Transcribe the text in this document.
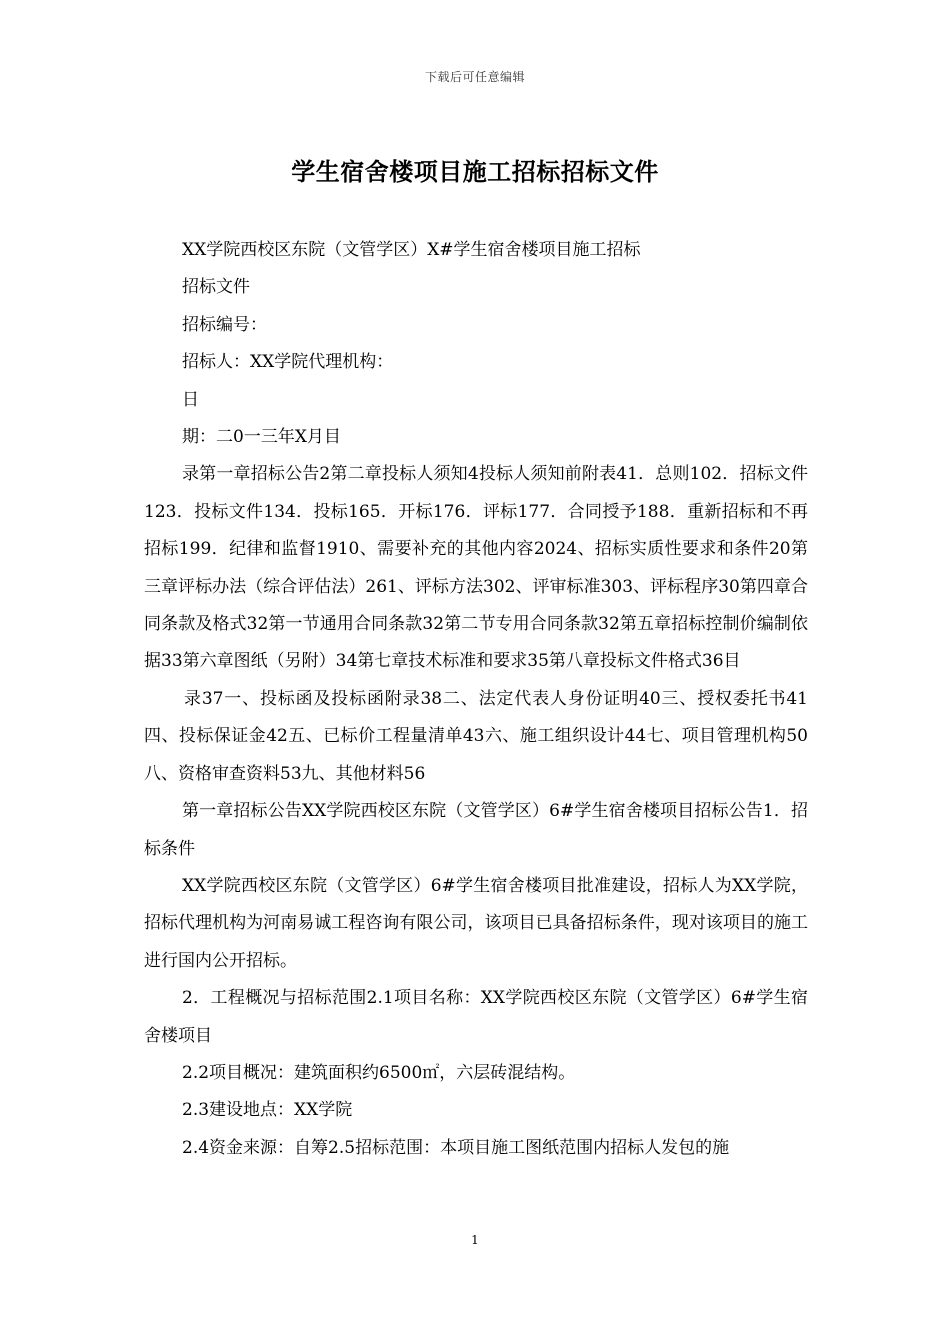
下载后可任意编辑
学生宿舍楼项目施工招标招标文件

XX学院西校区东院（文管学区）X#学生宿舍楼项目施工招标

招标文件

招标编号：

招标人：XX学院代理机构：

日

期：二0一三年X月目

录第一章招标公告2第二章投标人须知4投标人须知前附表41．总则102．招标文件123．投标文件134．投标165．开标176．评标177．合同授予188．重新招标和不再招标199．纪律和监督1910、需要补充的其他内容2024、招标实质性要求和条件20第三章评标办法（综合评估法）261、评标方法302、评审标准303、评标程序30第四章合同条款及格式32第一节通用合同条款32第二节专用合同条款32第五章招标控制价编制依据33第六章图纸（另附）34第七章技术标准和要求35第八章投标文件格式36目

录37一、投标函及投标函附录38二、法定代表人身份证明40三、授权委托书41四、投标保证金42五、已标价工程量清单43六、施工组织设计44七、项目管理机构50八、资格审查资料53九、其他材料56

第一章招标公告XX学院西校区东院（文管学区）6#学生宿舍楼项目招标公告1．招标条件

XX学院西校区东院（文管学区）6#学生宿舍楼项目批准建设，招标人为XX学院，招标代理机构为河南易诚工程咨询有限公司，该项目已具备招标条件，现对该项目的施工进行国内公开招标。

2．工程概况与招标范围2.1项目名称：XX学院西校区东院（文管学区）6#学生宿舍楼项目

2.2项目概况：建筑面积约6500㎡，六层砖混结构。

2.3建设地点：XX学院

2.4资金来源：自筹2.5招标范围：本项目施工图纸范围内招标人发包的施

1
